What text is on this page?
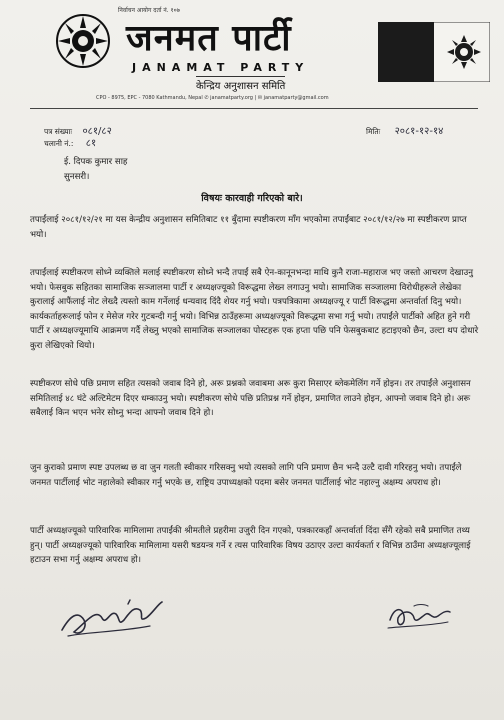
निर्वाचन आयोग दर्ता नं. १०७
जनमत पार्टी
JANAMAT PARTY
केन्द्रिय अनुशासन समिति
CPO - 8975, EPC - 7080 Kathmandu, Nepal ✆ janamatparty.org | ✉ janamatparty@gmail.com
पत्र संख्याः ०८१/८२
चलानी नं.: ८१
मितिः २०८१-१२-१४
ई. दिपक कुमार साह
सुनसरी।
विषयः कारवाही गरिएको बारे।

तपाईंलाई २०८१/१२/२१ मा यस केन्द्रीय अनुशासन समितिबाट ११ बुँदामा स्पष्टीकरण माँग भएकोमा तपाईंबाट २०८१/१२/२७ मा स्पष्टीकरण प्राप्त भयो।

तपाईंलाई स्पष्टीकरण सोध्ने व्यक्तिले मलाई स्पष्टीकरण सोध्ने भन्दै तपाईं सबै ऐन-कानूनभन्दा माथि कुनै राजा-महाराज भए जस्तो आचरण देखाउनु भयो। फेसबुक सहितका सामाजिक सञ्जालमा पार्टी र अध्यक्षज्यूको विरूद्धमा लेख्न लगाउनु भयो। सामाजिक सञ्जालमा विरोधीहरूले लेखेका कुरालाई आफैंलाई नोट लेख्दै त्यस्तो काम गर्नेलाई धन्यवाद दिंदै शेयर गर्नु भयो। पत्रपत्रिकामा अध्यक्षज्यू र पार्टी विरूद्धमा अन्तर्वार्ता दिनु भयो। कार्यकर्ताहरूलाई फोन र मेसेज गरेर गुटबन्दी गर्नु भयो। विभिन्न ठाउँहरूमा अध्यक्षज्यूको विरूद्धमा सभा गर्नु भयो। तपाईंले पार्टीको अहित हुने गरी पार्टी र अध्यक्षज्यूमाथि आक्रमण गर्दै लेख्नु भएको सामाजिक सञ्जालका पोस्टहरू एक हप्ता पछि पनि फेसबुकबाट हटाइएको छैन, उल्टा थप दोधारे कुरा लेखिएको थियो।

स्पष्टीकरण सोधे पछि प्रमाण सहित त्यसको जवाब दिने हो, अरू प्रश्नको जवाबमा अरू कुरा मिसाएर ब्लेकमेलिंग गर्ने होइन। तर तपाईंले अनुशासन समितिलाई ४८ घंटे अल्टिमेटम दिएर धम्काउनु भयो। स्पष्टीकरण सोधे पछि प्रतिप्रश्न गर्ने होइन, प्रमाणित लाउने होइन, आफ्नो जवाब दिने हो। अरू सबैलाई किन भएन भनेर सोध्नु भन्दा आफ्नो जवाब दिने हो।

जुन कुराको प्रमाण स्पष्ट उपलब्ध छ वा जुन गलती स्वीकार गरिसक्नु भयो त्यसको लागि पनि प्रमाण छैन भन्दै उल्टै दावी गरिरहनु भयो। तपाईंले जनमत पार्टीलाई भोट नहालेको स्वीकार गर्नु भएके छ, राष्ट्रिय उपाध्यक्षको पदमा बसेर जनमत पार्टीलाई भोट नहाल्नु अक्षम्य अपराध हो।

पार्टी अध्यक्षज्यूको पारिवारिक मामिलामा तपाईंकी श्रीमतीले प्रहरीमा उजुरी दिन गएको, पत्रकारकहाँ अन्तर्वार्ता दिंदा सँगै रहेको सबै प्रमाणित तथ्य हुन्। पार्टी अध्यक्षज्यूको पारिवारिक मामिलामा यसरी षडयन्त्र गर्ने र त्यस पारिवारिक विषय उठाएर उल्टा कार्यकर्ता र विभिन्न ठाउँमा अध्यक्षज्यूलाई हटाउन सभा गर्नु अक्षम्य अपराध हो।
